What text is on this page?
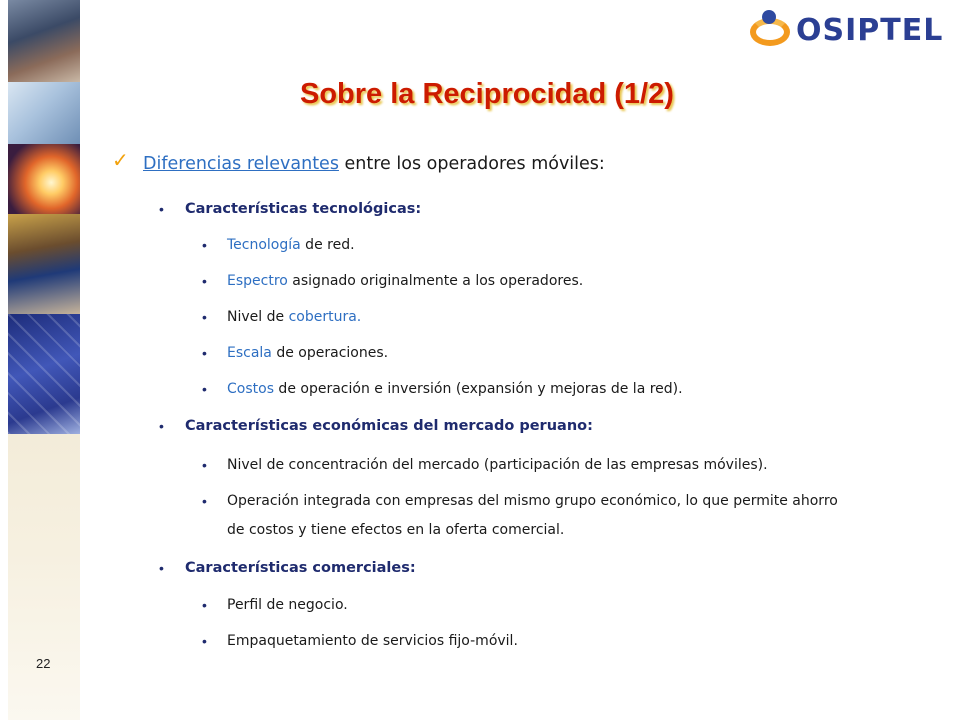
OSIPTEL
Sobre la Reciprocidad (1/2)
✓ Diferencias relevantes entre los operadores móviles:
• Características tecnológicas:
• Tecnología de red.
• Espectro asignado originalmente a los operadores.
• Nivel de cobertura.
• Escala de operaciones.
• Costos de operación e inversión (expansión y mejoras de la red).
• Características económicas del mercado peruano:
• Nivel de concentración del mercado (participación de las empresas móviles).
• Operación integrada con empresas del mismo grupo económico, lo que permite ahorro
de costos y tiene efectos en la oferta comercial.
• Características comerciales:
• Perfil de negocio.
• Empaquetamiento de servicios fijo-móvil.
22
